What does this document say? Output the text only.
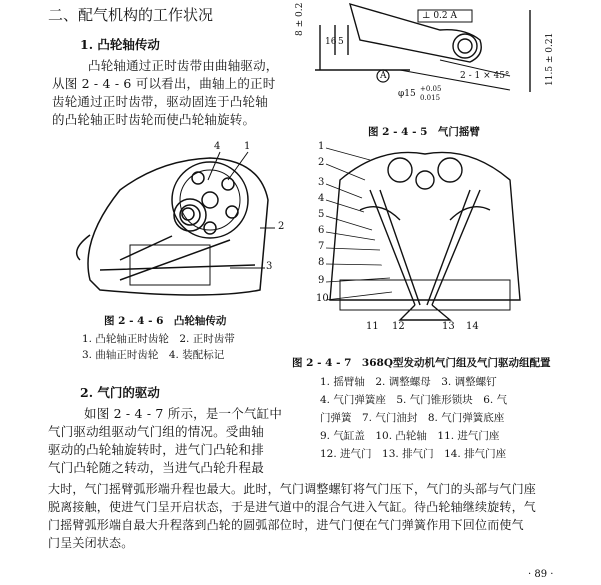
二、配气机构的工作状况
1. 凸轮轴传动
凸轮轴通过正时齿带由曲轴驱动，
从图 2 - 4 - 6 可以看出，曲轴上的正时
齿轮通过正时齿带，驱动固连于凸轮轴
的凸轮轴正时齿轮而使凸轮轴旋转。
⊥ 0.2 A
8 ± 0.2
16 5	11.5 ± 0.21
2 - 1 × 45°
A
φ15 +0.05
0.015
图 2 - 4 - 5　气门摇臂
4 1
2
3
图 2 - 4 - 6　凸轮轴传动
1. 凸轮轴正时齿轮　2. 正时齿带
3. 曲轴正时齿轮　4. 装配标记
1
2
3
4
5
6
7
8
9
10
11 12	13 14
图 2 - 4 - 7　368Q型发动机气门组及气门驱动组配置
1. 摇臂轴　2. 调整螺母　3. 调整螺钉
4. 气门弹簧座　5. 气门锥形锁块　6. 气
门弹簧　7. 气门油封　8. 气门弹簧底座
9. 气缸盖　10. 凸轮轴　11. 进气门座
12. 进气门　13. 排气门　14. 排气门座
2. 气门的驱动
如图 2 - 4 - 7 所示，是一个气缸中
气门驱动组驱动气门组的情况。受曲轴
驱动的凸轮轴旋转时，进气门凸轮和排
气门凸轮随之转动，当进气凸轮升程最
大时，气门摇臂弧形端升程也最大。此时，气门调整螺钉将气门压下，气门的头部与气门座
脱离接触，使进气门呈开启状态，于是进气道中的混合气进入气缸。待凸轮轴继续旋转，气
门摇臂弧形端自最大升程落到凸轮的圆弧部位时，进气门便在气门弹簧作用下回位而使气
门呈关闭状态。
· 89 ·
